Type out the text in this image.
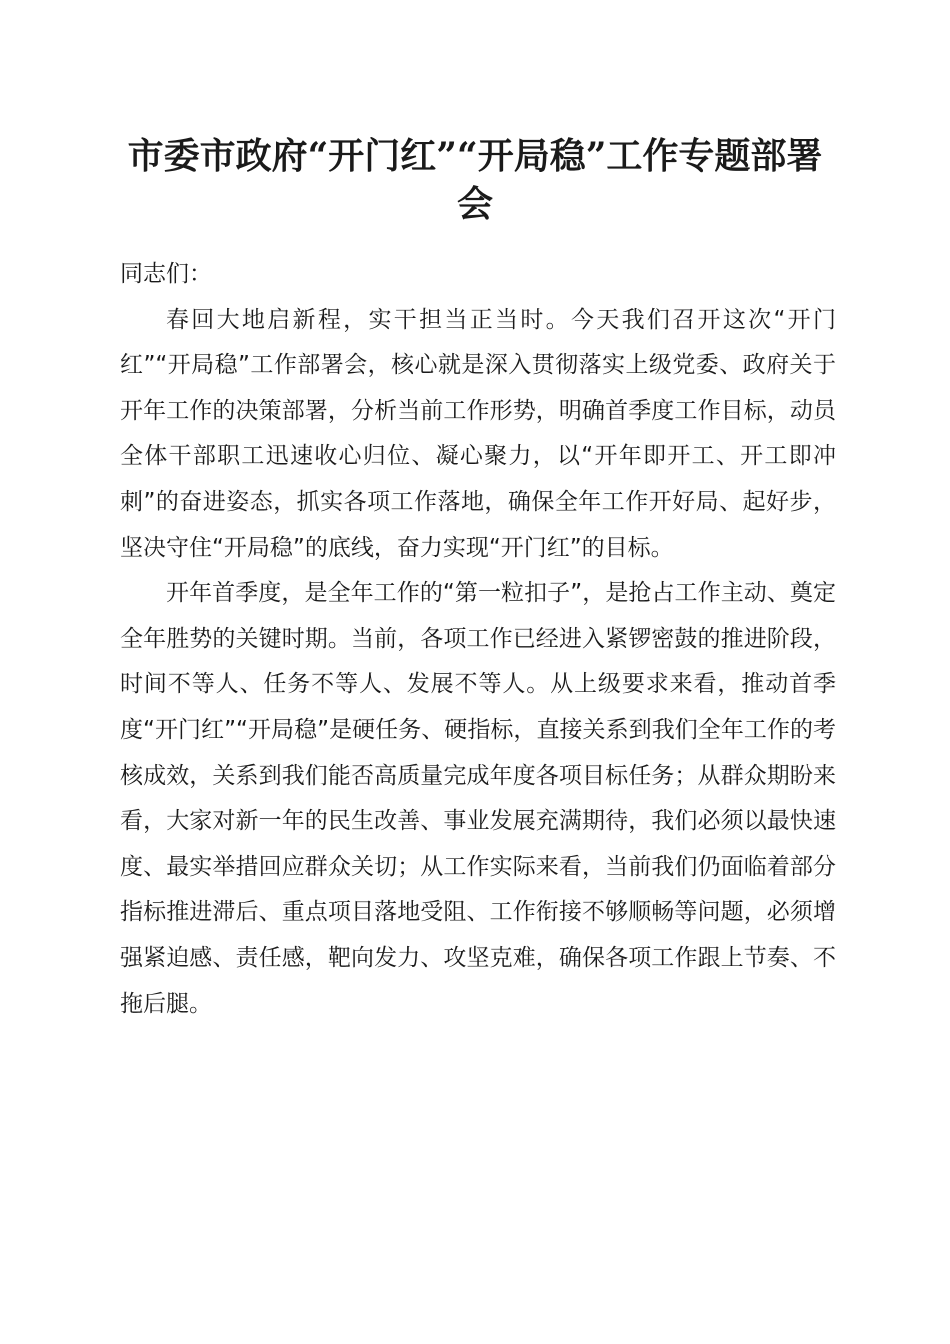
市委市政府“开门红”“开局稳”工作专题部署会

同志们：

春回大地启新程，实干担当正当时。今天我们召开这次“开门红”“开局稳”工作部署会，核心就是深入贯彻落实上级党委、政府关于开年工作的决策部署，分析当前工作形势，明确首季度工作目标，动员全体干部职工迅速收心归位、凝心聚力，以“开年即开工、开工即冲刺”的奋进姿态，抓实各项工作落地，确保全年工作开好局、起好步，坚决守住“开局稳”的底线，奋力实现“开门红”的目标。

开年首季度，是全年工作的“第一粒扣子”，是抢占工作主动、奠定全年胜势的关键时期。当前，各项工作已经进入紧锣密鼓的推进阶段，时间不等人、任务不等人、发展不等人。从上级要求来看，推动首季度“开门红”“开局稳”是硬任务、硬指标，直接关系到我们全年工作的考核成效，关系到我们能否高质量完成年度各项目标任务；从群众期盼来看，大家对新一年的民生改善、事业发展充满期待，我们必须以最快速度、最实举措回应群众关切；从工作实际来看，当前我们仍面临着部分指标推进滞后、重点项目落地受阻、工作衔接不够顺畅等问题，必须增强紧迫感、责任感，靶向发力、攻坚克难，确保各项工作跟上节奏、不拖后腿。
